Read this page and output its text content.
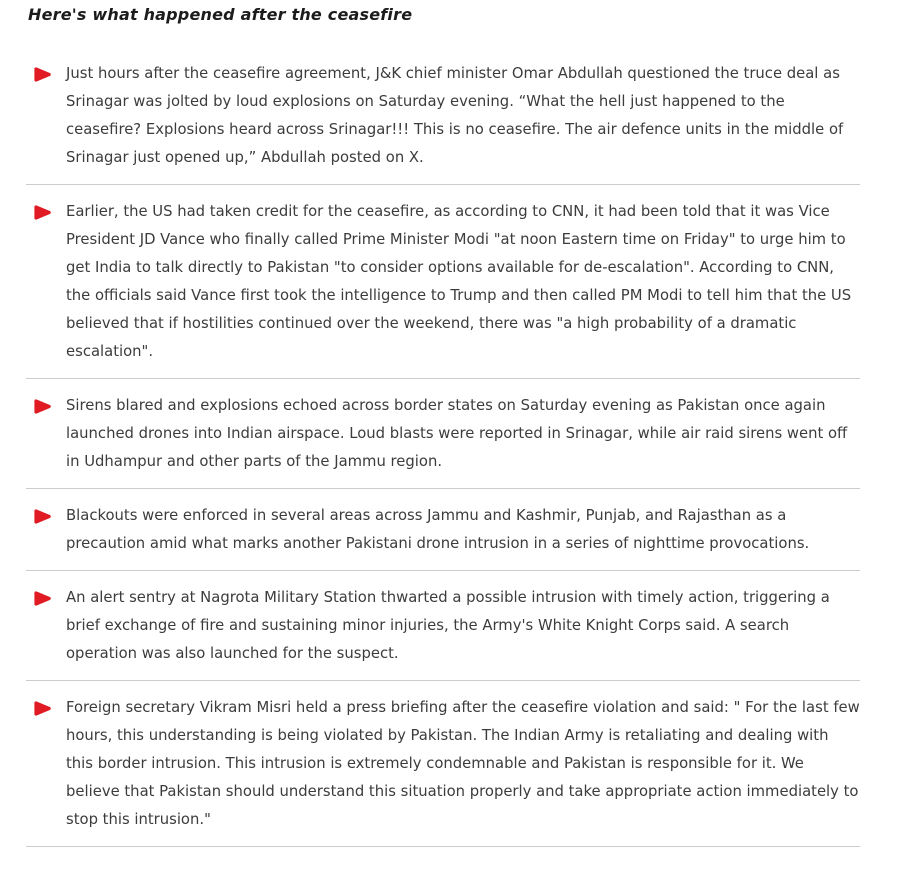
Here's what happened after the ceasefire

Just hours after the ceasefire agreement, J&K chief minister Omar Abdullah questioned the truce deal as Srinagar was jolted by loud explosions on Saturday evening. “What the hell just happened to the ceasefire? Explosions heard across Srinagar!!! This is no ceasefire. The air defence units in the middle of Srinagar just opened up,” Abdullah posted on X.

Earlier, the US had taken credit for the ceasefire, as according to CNN, it had been told that it was Vice President JD Vance who finally called Prime Minister Modi "at noon Eastern time on Friday" to urge him to get India to talk directly to Pakistan "to consider options available for de-escalation". According to CNN, the officials said Vance first took the intelligence to Trump and then called PM Modi to tell him that the US believed that if hostilities continued over the weekend, there was "a high probability of a dramatic escalation".

Sirens blared and explosions echoed across border states on Saturday evening as Pakistan once again launched drones into Indian airspace. Loud blasts were reported in Srinagar, while air raid sirens went off in Udhampur and other parts of the Jammu region.

Blackouts were enforced in several areas across Jammu and Kashmir, Punjab, and Rajasthan as a precaution amid what marks another Pakistani drone intrusion in a series of nighttime provocations.

An alert sentry at Nagrota Military Station thwarted a possible intrusion with timely action, triggering a brief exchange of fire and sustaining minor injuries, the Army's White Knight Corps said. A search operation was also launched for the suspect.

Foreign secretary Vikram Misri held a press briefing after the ceasefire violation and said: " For the last few hours, this understanding is being violated by Pakistan. The Indian Army is retaliating and dealing with this border intrusion. This intrusion is extremely condemnable and Pakistan is responsible for it. We believe that Pakistan should understand this situation properly and take appropriate action immediately to stop this intrusion."
